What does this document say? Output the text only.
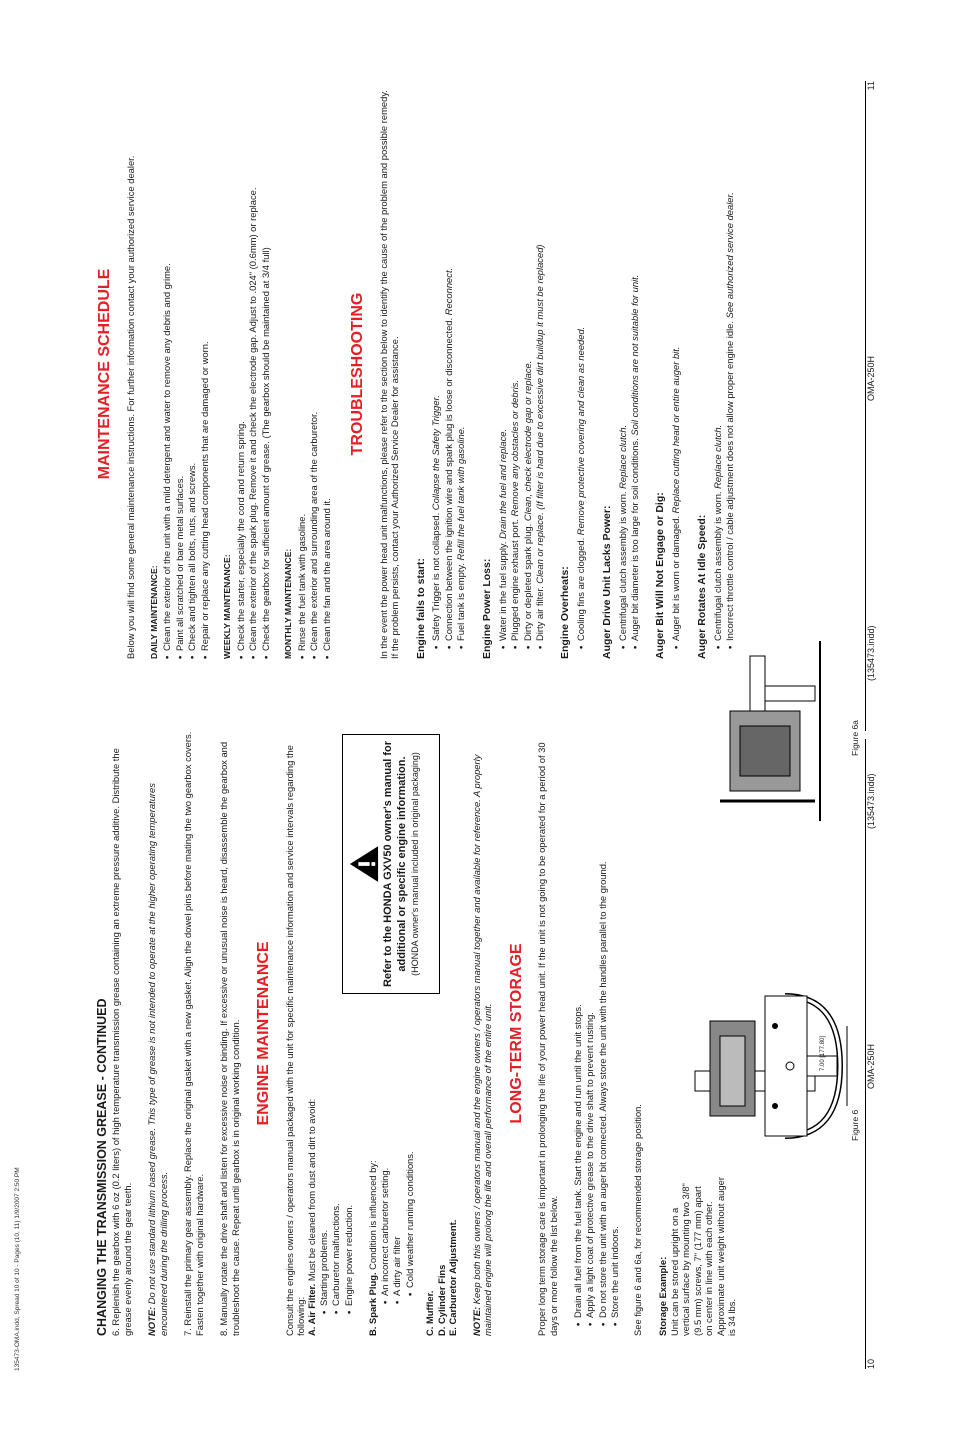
135473-OMA.indd, Spread 10 of 10 - Pages (10, 11) 1/9/2007 2:50 PM	CHANGING THE TRANSMISSION GREASE - CONTINUED 6. Replenish the gearbox with 6 oz (0.2 liters) of high temperature transmission grease containing an extreme pressure additive. Distribute the grease evenly around the gear teeth. NOTE: Do not use standard lithium based grease. This type of grease is not intended to operate at the higher operating temperatures encountered during the drilling process. 7. Reinstall the primary gear assembly. Replace the original gasket with a new gasket. Align the dowel pins before mating the two gearbox covers. Fasten together with original hardware. 8. Manually rotate the drive shaft and listen for excessive noise or binding. If excessive or unusual noise is heard, disassemble the gearbox and troubleshoot the cause. Repeat until gearbox is in original working condition. ENGINE MAINTENANCE Consult the engines owners / operators manual packaged with the unit for specific maintenance information and service intervals regarding the following: A. Air Filter. Must be cleaned from dust and dirt to avoid: • Starting problems. • Carburetor malfunctions. • Engine power reduction. B. Spark Plug. Condition is influenced by: • An incorrect carburetor setting. • A dirty air filter • Cold weather running conditions.
C. Muffler. D. Cylinder Fins E. Carburetor Adjustment. NOTE: Keep both this owners / operators manual and the engine owners / operators manual together and available for reference. A properly maintained engine will prolong the life and overall performance of the entire unit. LONG-TERM STORAGE Proper long term storage care is important in prolonging the life of your power head unit. If the unit is not going to be operated for a period of 30 days or more follow the list below. • Drain all fuel from the fuel tank. Start the engine and run until the unit stops. • Apply a light coat of protective grease to the drive shaft to prevent rusting. • Do not store the unit with an auger bit connected. Always store the unit with the handles parallel to the ground. • Store the unit indoors. See figure 6 and 6a, for recommended storage position. Storage Example: Unit can be stored upright on a vertical surface by mounting two 3/8" (9.5 mm) screws, 7" (177 mm) apart on center in line with each other. Approximate unit weight without auger is 34 lbs.
Refer to the HONDA GXV50 owner's manual for additional or specific engine information. (HONDA owner's manual included in original packaging)
Figure 6
7.00 [177.80]
Figure 6a
10
OMA-250H
(135473.indd)
MAINTENANCE SCHEDULE Below you will find some general maintenance instructions. For further information contact your authorized service dealer. DAILY MAINTENANCE: • Clean the exterior of the unit with a mild detergent and water to remove any debris and grime. • Paint all scratched or bare metal surfaces. • Check and tighten all bolts, nuts, and screws. • Repair or replace any cutting head components that are damaged or worn. WEEKLY MAINTENANCE: • Check the starter, especially the cord and return spring. • Clean the exterior of the spark plug. Remove it and check the electrode gap. Adjust to .024" (0.6mm) or replace. • Check the gearbox for sufficient amount of grease. (The gearbox should be maintained at 3/4 full) MONTHLY MAINTENANCE: • Rinse the fuel tank with gasoline. • Clean the exterior and surrounding area of the carburetor. • Clean the fan and the area around it.
TROUBLESHOOTING In the event the power head unit malfunctions, please refer to the section below to identify the cause of the problem and possible remedy. If the problem persists, contact your Authorized Service Dealer for assistance. Engine fails to start: • Safety Trigger is not collapsed. Collapse the Safety Trigger. • Connection between the ignition wire and spark plug is loose or disconnected. Reconnect.
• Fuel tank is empty. Refill the fuel tank with gasoline.
Engine Power Loss: • Water in the fuel supply. Drain the fuel and replace.
• Plugged engine exhaust port. Remove any obstacles or debris.
• Dirty or depleted spark plug. Clean, check electrode gap or replace.
• Dirty air filter. Clean or replace. (If filter is hard due to excessive dirt buildup it must be replaced)
Engine Overheats: • Cooling fins are clogged. Remove protective covering and clean as needed.
Auger Drive Unit Lacks Power: • Centrifugal clutch assembly is worn. Replace clutch. • Auger bit diameter is too large for soil conditions. Soil conditions are not suitable for unit.
Auger Bit Will Not Engage or Dig: • Auger bit is worn or damaged. Replace cutting head or entire auger bit.
Auger Rotates At Idle Speed: • Centrifugal clutch assembly is worn. Replace clutch. • Incorrect throttle control / cable adjustment does not allow proper engine idle. See authorized service dealer.
(135473.indd)
OMA-250H
11
